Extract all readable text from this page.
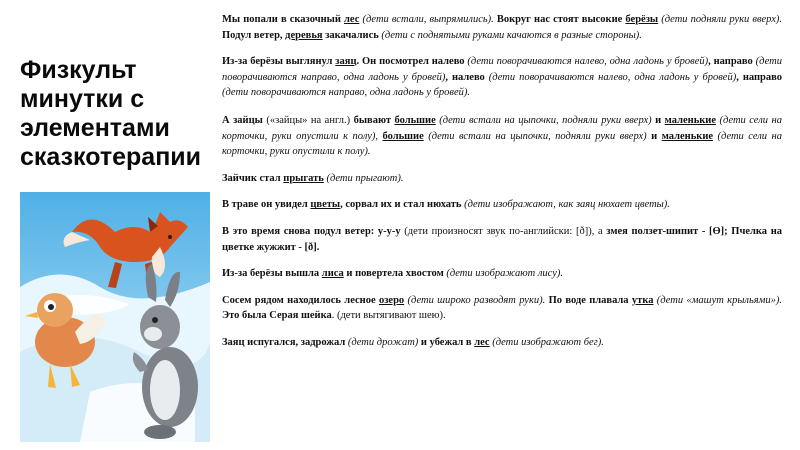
Физкульт минутки с элементами сказкотерапии

Мы попали в сказочный лес (дети встали, выпрямились). Вокруг нас стоят высокие берёзы (дети подняли руки вверх). Подул ветер, деревья закачались (дети с поднятыми руками качаются в разные стороны).

Из-за берёзы выглянул заяц. Он посмотрел налево (дети поворачиваются налево, одна ладонь у бровей), направо (дети поворачиваются направо, одна ладонь у бровей), налево (дети поворачиваются налево, одна ладонь у бровей), направо (дети поворачиваются направо, одна ладонь у бровей).

А зайцы («зайцы» на англ.) бывают большие (дети встали на цыпочки, подняли руки вверх) и маленькие (дети сели на корточки, руки опустили к полу), большие (дети встали на цыпочки, подняли руки вверх) и маленькие (дети сели на корточки, руки опустили к полу).

Зайчик стал прыгать (дети прыгают).

В траве он увидел цветы, сорвал их и стал нюхать (дети изображают, как заяц нюхает цветы).

В это время снова подул ветер: у-у-у (дети произносят звук по-английски: [ð]), а змея ползет-шипит - [Ɵ]; Пчелка на цветке жужжит - [ð].

Из-за берёзы вышла лиса и повертела хвостом (дети изображают лису).

Сосем рядом находилось лесное озеро (дети широко разводят руки). По воде плавала утка (дети «машут крыльями»). Это была Серая шейка. (дети вытягивают шею).

Заяц испугался, задрожал (дети дрожат) и убежал в лес (дети изображают бег).
